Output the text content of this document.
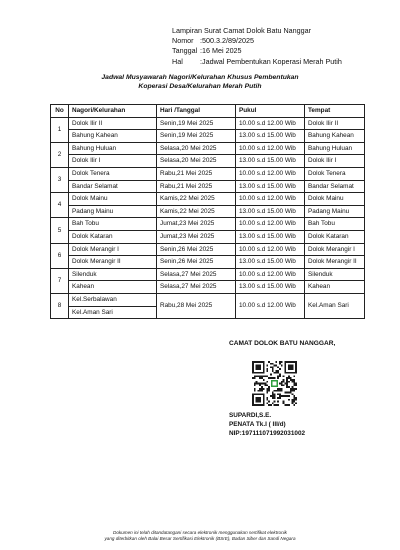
Lampiran Surat Camat Dolok Batu Nanggar
Nomor :500.3.2/89/2025
Tanggal :16 Mei 2025
Hal	:Jadwal Pembentukan Koperasi Merah Putih
Jadwal Musyawarah Nagori/Kelurahan Khusus Pembentukan
Koperasi Desa/Kelurahan Merah Putih
No	Nagori/Kelurahan	Hari /Tanggal	Pukul	Tempat
1	Dolok Ilir II	Senin,19 Mei 2025	10.00 s.d 12.00 Wib	Dolok Ilir II
	Bahung Kahean	Senin,19 Mei 2025	13.00 s.d 15.00 Wib	Bahung Kahean
2	Bahung Huluan	Selasa,20 Mei 2025	10.00 s.d 12.00 Wib	Bahung Huluan
	Dolok Ilir I	Selasa,20 Mei 2025	13.00 s.d 15.00 Wib	Dolok Ilir I
3	Dolok Tenera	Rabu,21 Mei 2025	10.00 s.d 12.00 Wib	Dolok Tenera
	Bandar Selamat	Rabu,21 Mei 2025	13.00 s.d 15.00 Wib	Bandar Selamat
4	Dolok Mainu	Kamis,22 Mei 2025	10.00 s.d 12.00 Wib	Dolok Mainu
	Padang Mainu	Kamis,22 Mei 2025	13.00 s.d 15.00 Wib	Padang Mainu
5	Bah Tobu	Jumat,23 Mei 2025	10.00 s.d 12.00 Wib	Bah Tobu
	Dolok Kataran	Jumat,23 Mei 2025	13.00 s.d 15.00 Wib	Dolok Kataran
6	Dolok Merangir I	Senin,26 Mei 2025	10.00 s.d 12.00 Wib	Dolok Merangir I
	Dolok Merangir II	Senin,26 Mei 2025	13.00 s.d 15.00 Wib	Dolok Merangir II
7	Silenduk	Selasa,27 Mei 2025	10.00 s.d 12.00 Wib	Silenduk
	Kahean	Selasa,27 Mei 2025	13.00 s.d 15.00 Wib	Kahean
8	Kel.Serbalawan	Rabu,28 Mei 2025	10.00 s.d 12.00 Wib	Kel.Aman Sari
	Kel.Aman Sari			
CAMAT DOLOK BATU NANGGAR,
SUPARDI,S.E.
PENATA Tk.I ( III/d)
NIP:197111071992031002
Dokumen ini telah ditandatangani secara elektronik menggunakan sertifikat elektronik
yang diterbitkan oleh Balai Besar Sertifikasi Elektronik (BSrE), Badan Siber dan Sandi Negara
